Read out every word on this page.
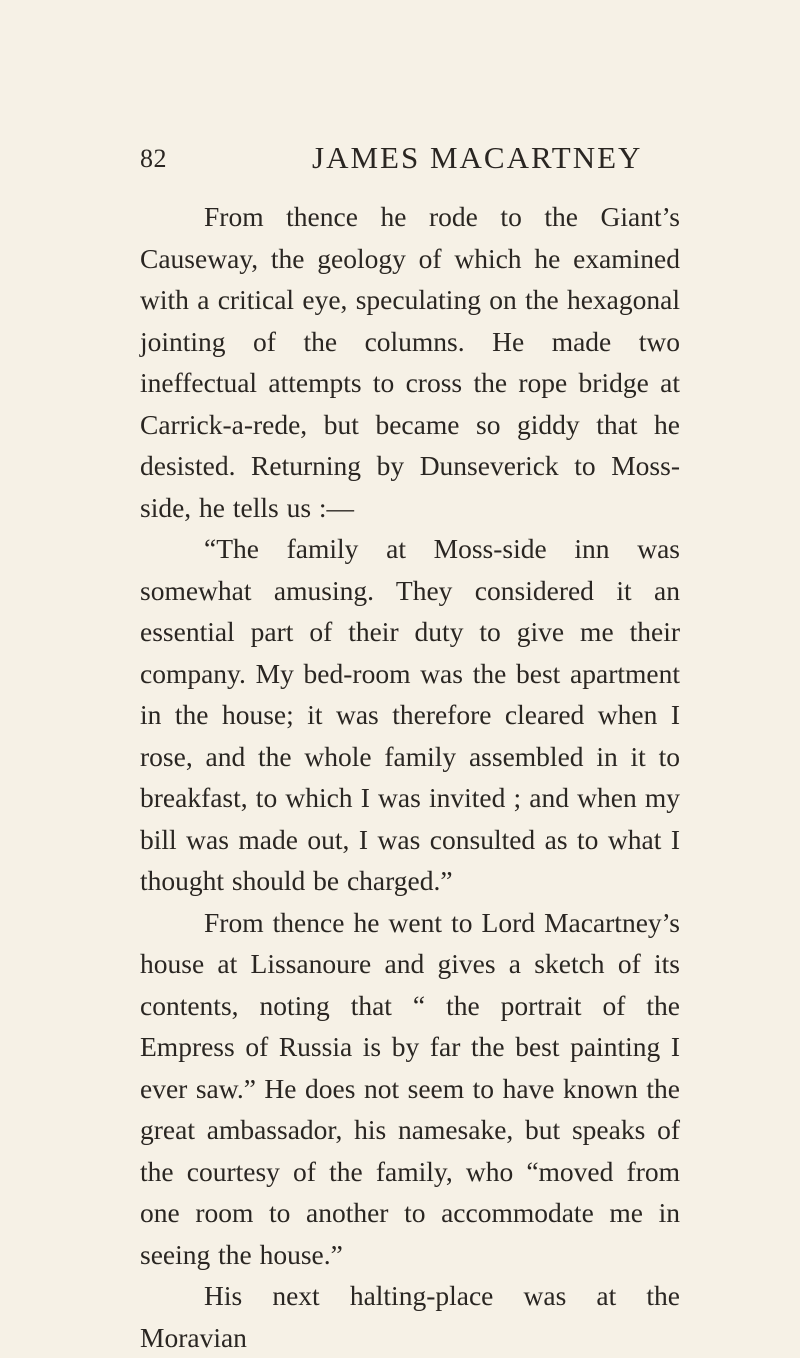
82	JAMES MACARTNEY

From thence he rode to the Giant’s Causeway, the geology of which he examined with a critical eye, speculating on the hexagonal jointing of the columns. He made two ineffectual attempts to cross the rope bridge at Carrick-a-rede, but became so giddy that he desisted. Returning by Dunseverick to Moss-side, he tells us :—

“The family at Moss-side inn was somewhat amusing. They considered it an essential part of their duty to give me their company. My bed-room was the best apartment in the house; it was therefore cleared when I rose, and the whole family assembled in it to breakfast, to which I was invited ; and when my bill was made out, I was consulted as to what I thought should be charged.”

From thence he went to Lord Macartney’s house at Lissanoure and gives a sketch of its contents, noting that “ the portrait of the Empress of Russia is by far the best painting I ever saw.” He does not seem to have known the great ambassador, his namesake, but speaks of the courtesy of the family, who “moved from one room to another to accommodate me in seeing the house.”

His next halting-place was at the Moravian
